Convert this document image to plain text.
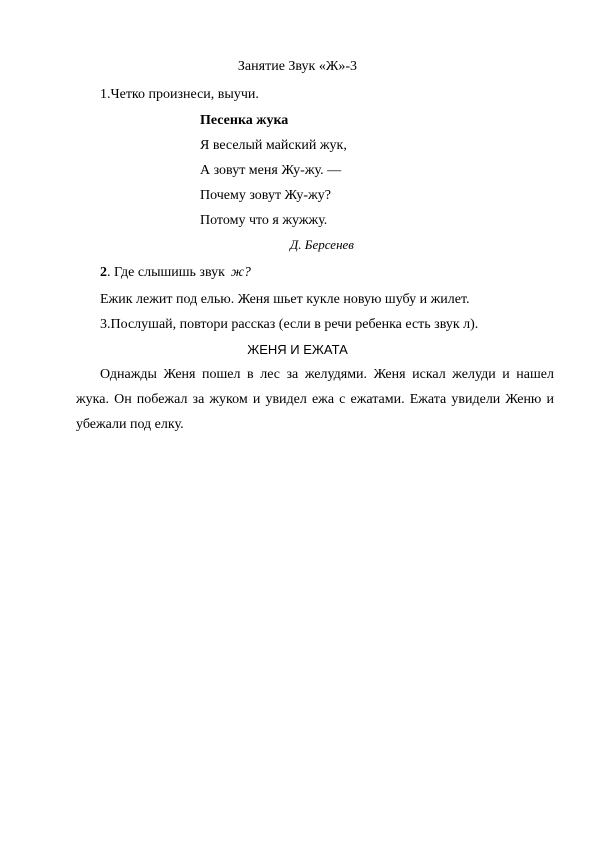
Занятие Звук «Ж»-3
1.Четко произнеси, выучи.
Песенка жука
Я веселый майский жук,
А зовут меня Жу-жу. —
Почему зовут Жу-жу?
Потому что я жужжу.
Д. Берсенев
2. Где слышишь звук ж?
Ежик лежит под елью. Женя шьет кукле новую шубу и жилет.
3.Послушай, повтори рассказ (если в речи ребенка есть звук л).
ЖЕНЯ И ЕЖАТА
Однажды Женя пошел в лес за желудями. Женя искал желуди и нашел жука. Он побежал за жуком и увидел ежа с ежатами. Ежата увидели Женю и убежали под елку.
